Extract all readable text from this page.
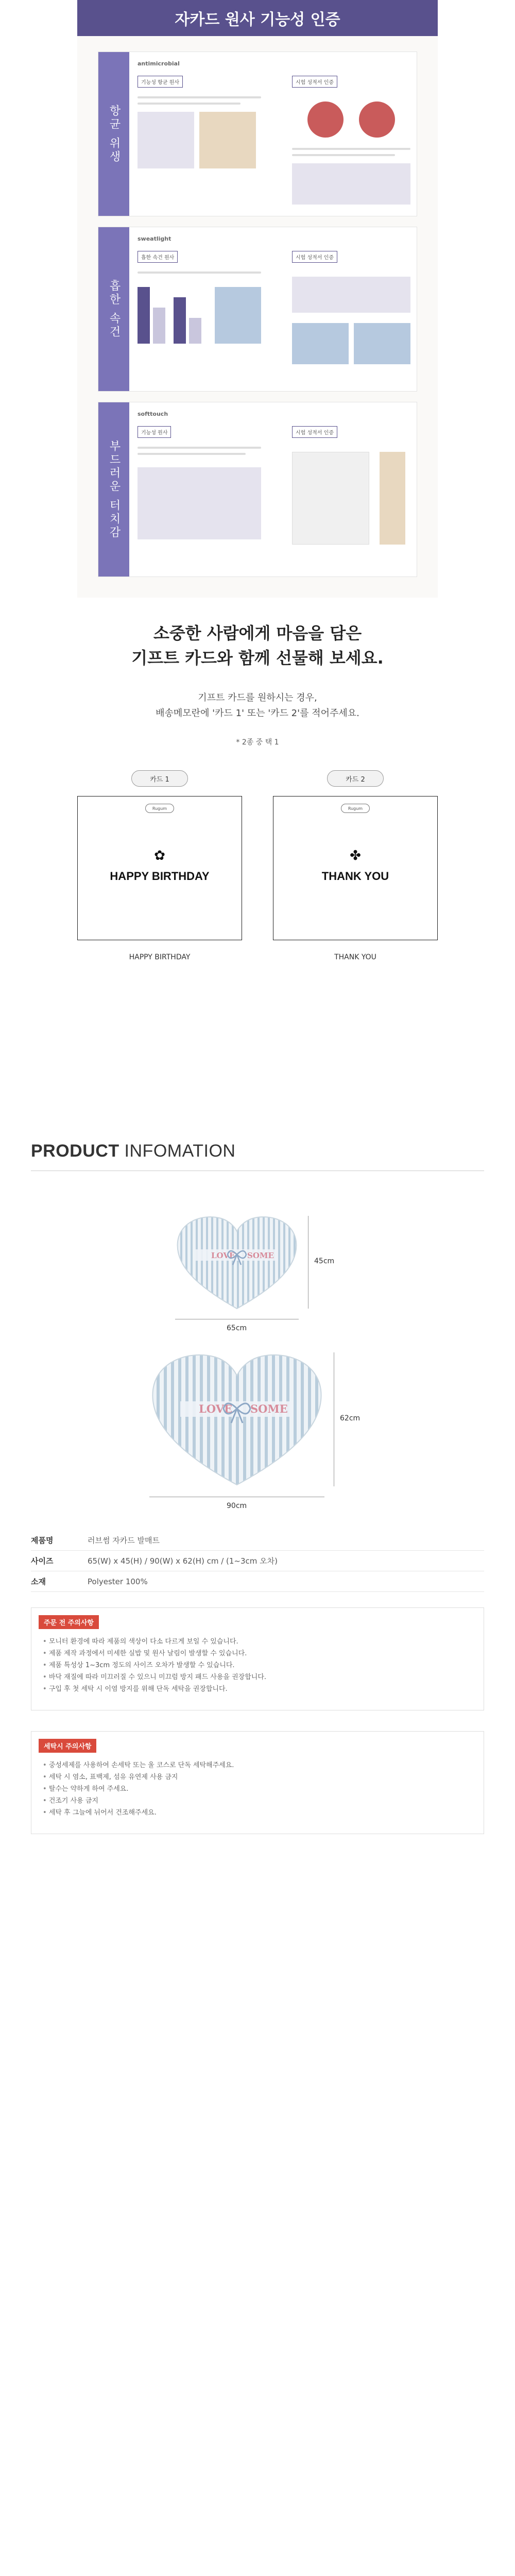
자카드 원사 기능성 인증
항균 위생
antimicrobial
기능성 항균 원사	시험 성적서 인증
흡한 속건
sweatlight
흡한 속건 원사	시험 성적서 인증
부드러운 터치감
softtouch
기능성 원사	시험 성적서 인증
소중한 사람에게 마음을 담은
기프트 카드와 함께 선물해 보세요.
기프트 카드를 원하시는 경우,
배송메모란에 '카드 1' 또는 '카드 2'를 적어주세요.
* 2종 중 택 1
카드 1	카드 2
Rugum
✿
HAPPY BIRTHDAY
Rugum
✤
THANK YOU
HAPPY BIRTHDAY	THANK YOU
PRODUCT INFOMATION
LOVE SOME
45cm
65cm
LOVE SOME
62cm
90cm
제품명	러브썸 자카드 발매트
사이즈	65(W) x 45(H) / 90(W) x 62(H) cm / (1~3cm 오차)
소재	Polyester 100%
주문 전 주의사항
• 모니터 환경에 따라 제품의 색상이 다소 다르게 보일 수 있습니다.
• 제품 제작 과정에서 미세한 실밥 및 원사 날림이 발생할 수 있습니다.
• 제품 특성상 1~3cm 정도의 사이즈 오차가 발생할 수 있습니다.
• 바닥 재질에 따라 미끄러질 수 있으니 미끄럼 방지 패드 사용을 권장합니다.
• 구입 후 첫 세탁 시 이염 방지를 위해 단독 세탁을 권장합니다.
세탁시 주의사항
• 중성세제를 사용하여 손세탁 또는 울 코스로 단독 세탁해주세요.
• 세탁 시 염소, 표백제, 섬유 유연제 사용 금지
• 탈수는 약하게 하여 주세요.
• 건조기 사용 금지
• 세탁 후 그늘에 뉘어서 건조해주세요.
